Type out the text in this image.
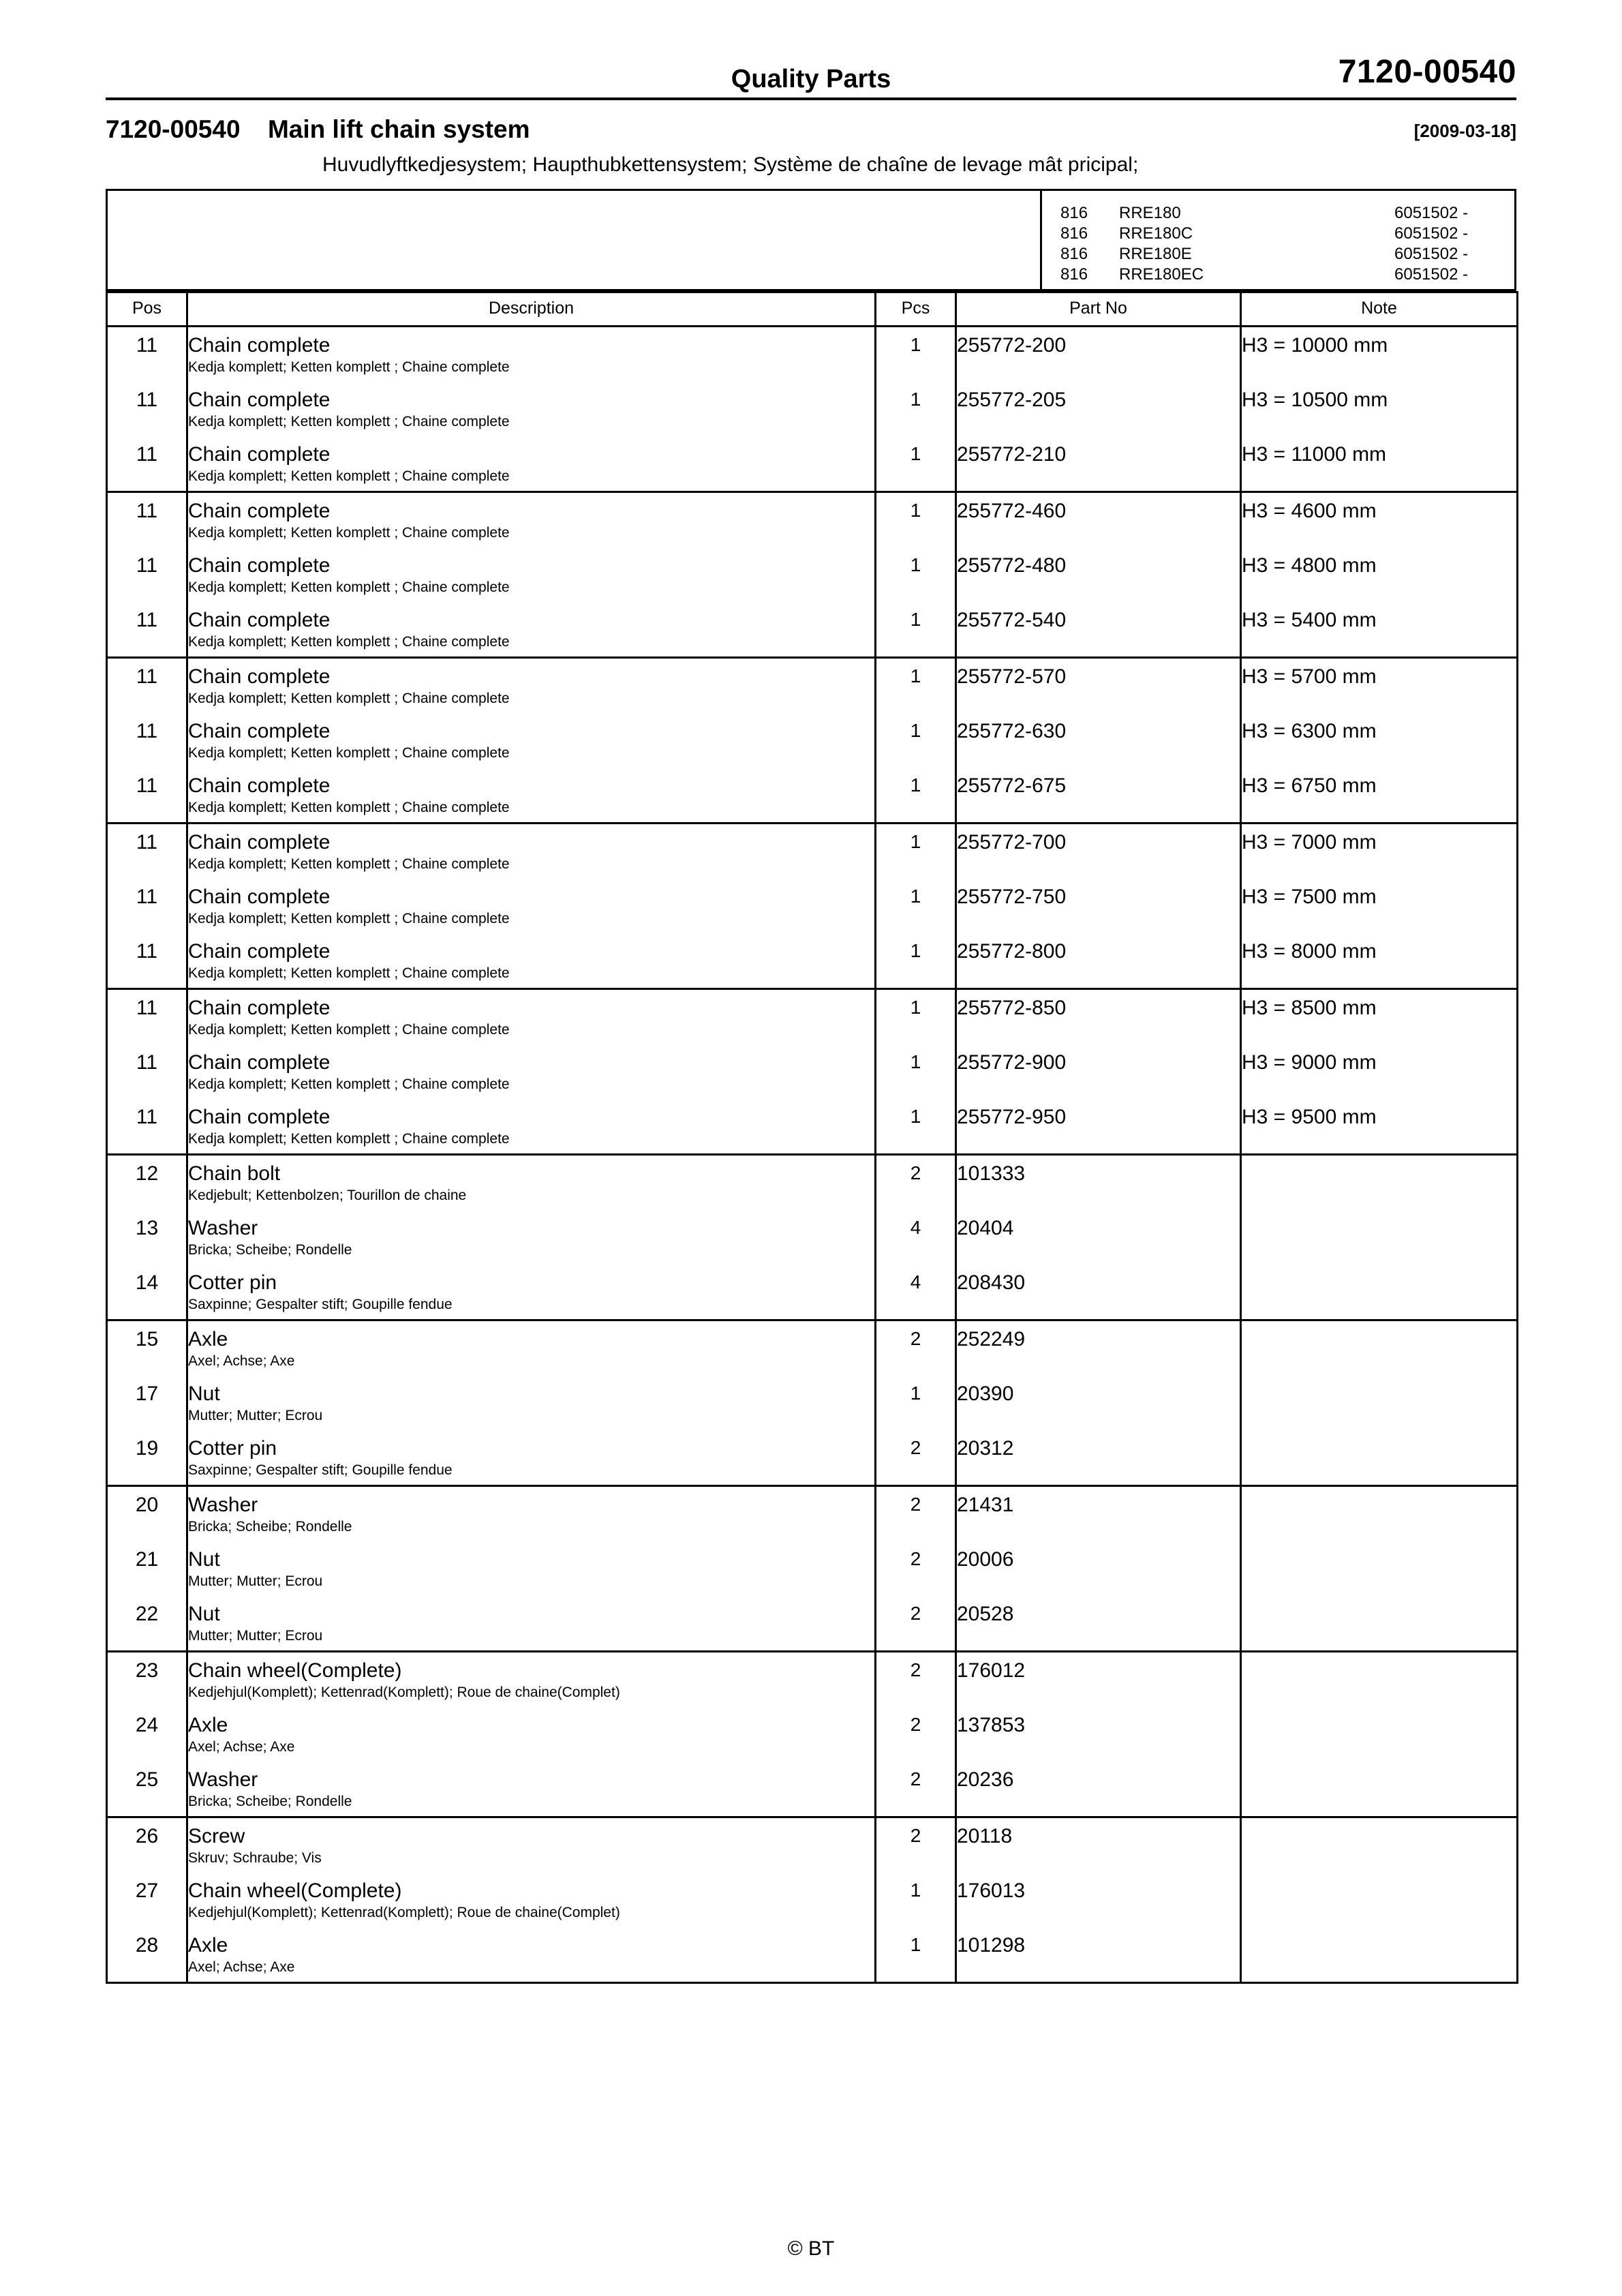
Quality Parts	7120-00540
7120-00540 Main lift chain system	[2009-03-18]
Huvudlyftkedjesystem; Haupthubkettensystem; Système de chaîne de levage mât pricipal;
816 RRE180	6051502 -
816 RRE180C	6051502 -
816 RRE180E	6051502 -
816 RRE180EC	6051502 -
Pos	Description	Pcs	Part No	Note

11	Chain complete
Kedja komplett; Ketten komplett ; Chaine complete	1	255772-200	H3 = 10000 mm

11	Chain complete
Kedja komplett; Ketten komplett ; Chaine complete	1	255772-205	H3 = 10500 mm

11	Chain complete
Kedja komplett; Ketten komplett ; Chaine complete	1	255772-210	H3 = 11000 mm

11	Chain complete
Kedja komplett; Ketten komplett ; Chaine complete	1	255772-460	H3 = 4600 mm

11	Chain complete
Kedja komplett; Ketten komplett ; Chaine complete	1	255772-480	H3 = 4800 mm

11	Chain complete
Kedja komplett; Ketten komplett ; Chaine complete	1	255772-540	H3 = 5400 mm

11	Chain complete
Kedja komplett; Ketten komplett ; Chaine complete	1	255772-570	H3 = 5700 mm

11	Chain complete
Kedja komplett; Ketten komplett ; Chaine complete	1	255772-630	H3 = 6300 mm

11	Chain complete
Kedja komplett; Ketten komplett ; Chaine complete	1	255772-675	H3 = 6750 mm

11	Chain complete
Kedja komplett; Ketten komplett ; Chaine complete	1	255772-700	H3 = 7000 mm

11	Chain complete
Kedja komplett; Ketten komplett ; Chaine complete	1	255772-750	H3 = 7500 mm

11	Chain complete
Kedja komplett; Ketten komplett ; Chaine complete	1	255772-800	H3 = 8000 mm

11	Chain complete
Kedja komplett; Ketten komplett ; Chaine complete	1	255772-850	H3 = 8500 mm

11	Chain complete
Kedja komplett; Ketten komplett ; Chaine complete	1	255772-900	H3 = 9000 mm

11	Chain complete
Kedja komplett; Ketten komplett ; Chaine complete	1	255772-950	H3 = 9500 mm

12	Chain bolt
Kedjebult; Kettenbolzen; Tourillon de chaine	2	101333	

13	Washer
Bricka; Scheibe; Rondelle	4	20404	

14	Cotter pin
Saxpinne; Gespalter stift; Goupille fendue	4	208430	

15	Axle
Axel; Achse; Axe	2	252249	

17	Nut
Mutter; Mutter; Ecrou	1	20390	

19	Cotter pin
Saxpinne; Gespalter stift; Goupille fendue	2	20312	

20	Washer
Bricka; Scheibe; Rondelle	2	21431	

21	Nut
Mutter; Mutter; Ecrou	2	20006	

22	Nut
Mutter; Mutter; Ecrou	2	20528	

23	Chain wheel(Complete)
Kedjehjul(Komplett); Kettenrad(Komplett); Roue de chaine(Complet)	2	176012	

24	Axle
Axel; Achse; Axe	2	137853	

25	Washer
Bricka; Scheibe; Rondelle	2	20236	

26	Screw
Skruv; Schraube; Vis	2	20118	

27	Chain wheel(Complete)
Kedjehjul(Komplett); Kettenrad(Komplett); Roue de chaine(Complet)	1	176013	

28	Axle
Axel; Achse; Axe	1	101298	

© BT
